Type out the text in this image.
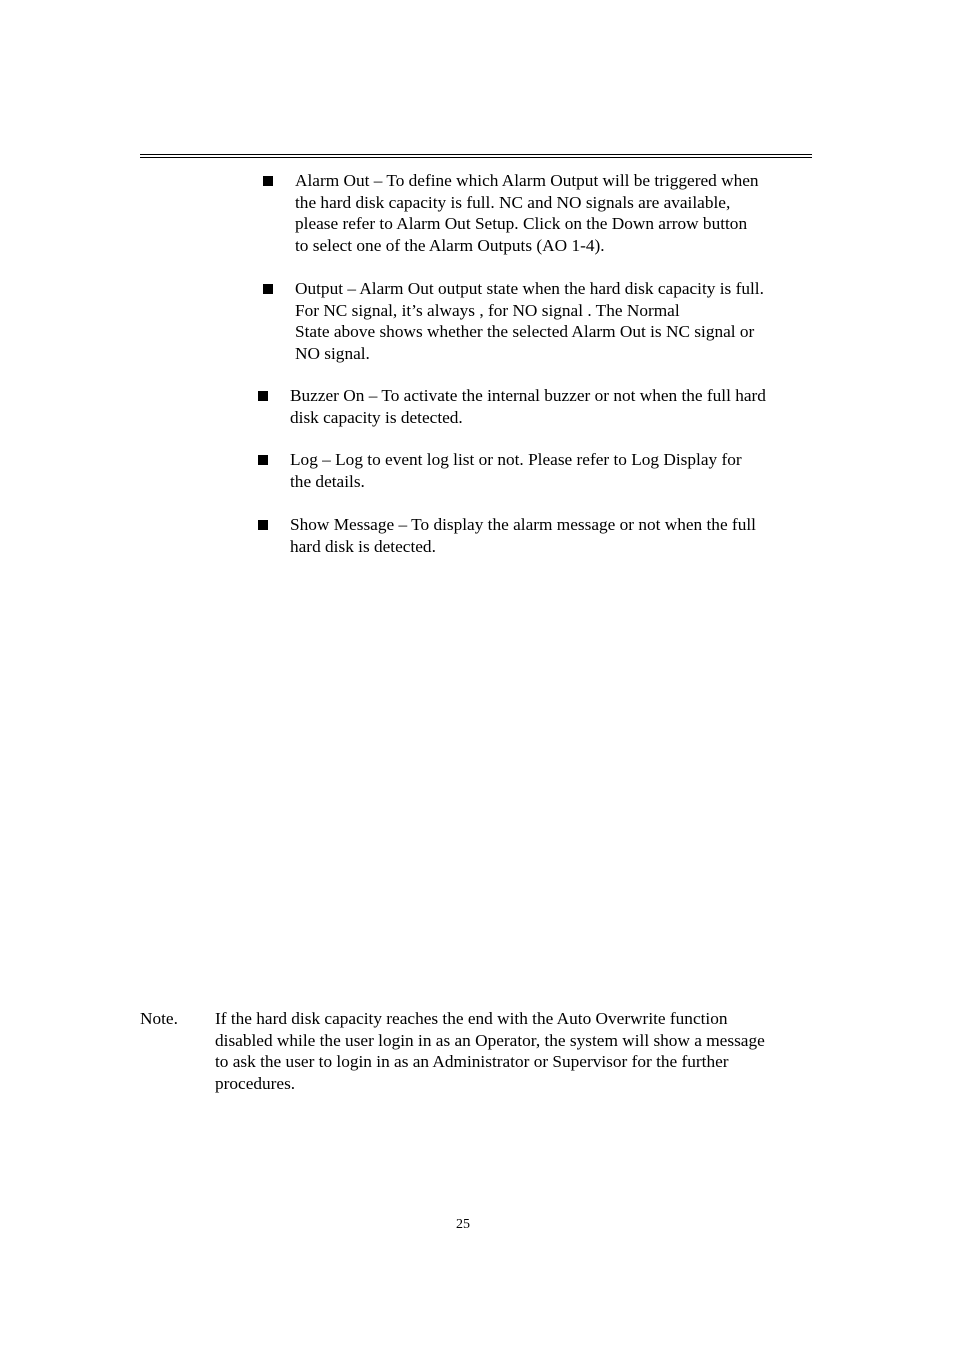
Alarm Out – To define which Alarm Output will be triggered when
the hard disk capacity is full. NC and NO signals are available,
please refer to Alarm Out Setup. Click on the Down arrow button
to select one of the Alarm Outputs (AO 1-4).
Output – Alarm Out output state when the hard disk capacity is full.
For NC signal, it’s always , for NO signal . The Normal
State above shows whether the selected Alarm Out is NC signal or
NO signal.
Buzzer On – To activate the internal buzzer or not when the full hard
disk capacity is detected.
Log – Log to event log list or not. Please refer to Log Display for
the details.
Show Message – To display the alarm message or not when the full
hard disk is detected.
Note. If the hard disk capacity reaches the end with the Auto Overwrite function
disabled while the user login in as an Operator, the system will show a message
to ask the user to login in as an Administrator or Supervisor for the further
procedures.
25
